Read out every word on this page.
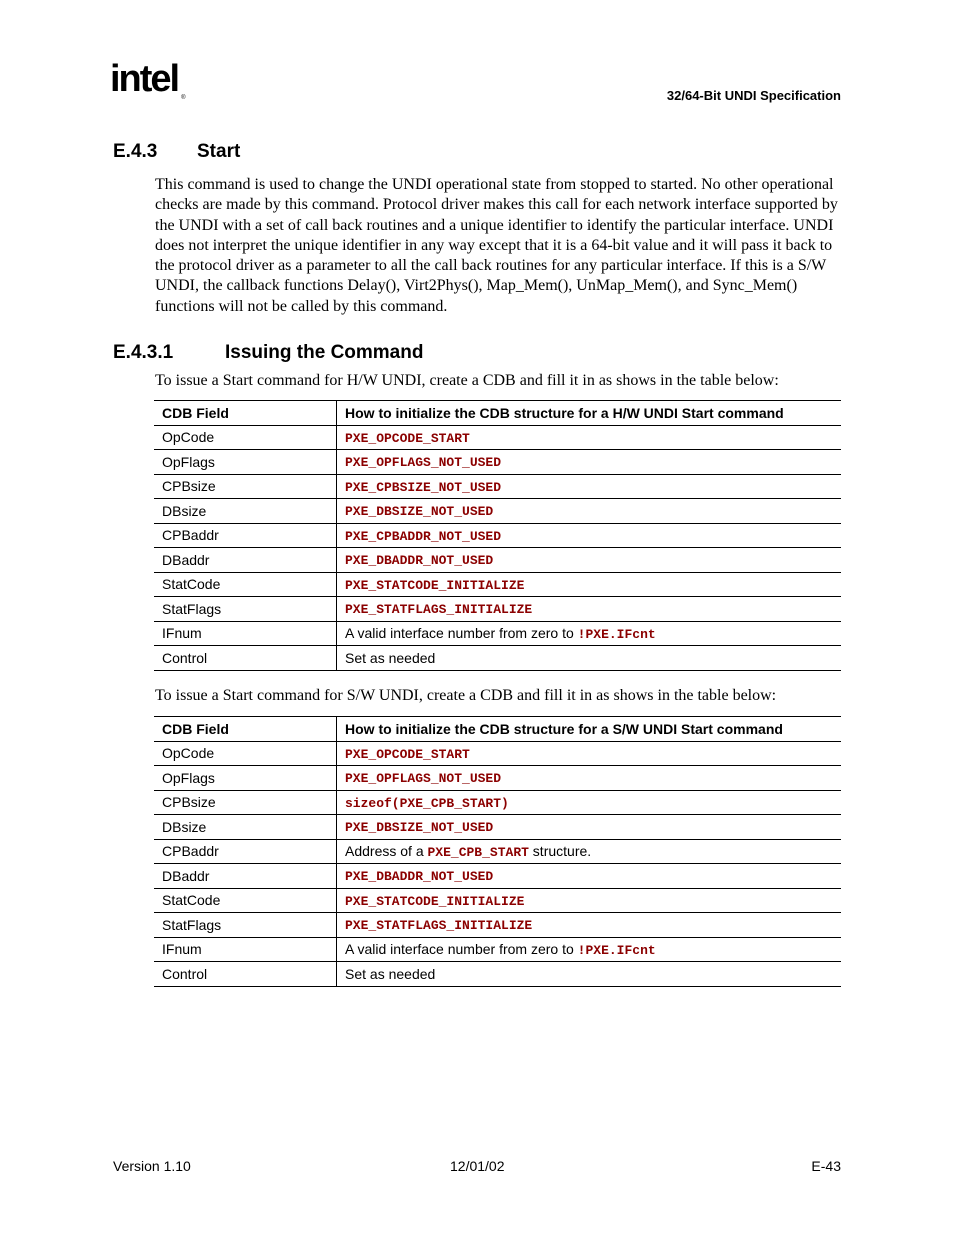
intel ®	32/64-Bit UNDI Specification
E.4.3 Start
This command is used to change the UNDI operational state from stopped to started. No other operational checks are made by this command. Protocol driver makes this call for each network interface supported by the UNDI with a set of call back routines and a unique identifier to identify the particular interface. UNDI does not interpret the unique identifier in any way except that it is a 64-bit value and it will pass it back to the protocol driver as a parameter to all the call back routines for any particular interface. If this is a S/W UNDI, the callback functions Delay(), Virt2Phys(), Map_Mem(), UnMap_Mem(), and Sync_Mem() functions will not be called by this command.
E.4.3.1	Issuing the Command
To issue a Start command for H/W UNDI, create a CDB and fill it in as shows in the table below:
CDB Field	How to initialize the CDB structure for a H/W UNDI Start command
OpCode	PXE_OPCODE_START
OpFlags	PXE_OPFLAGS_NOT_USED
CPBsize	PXE_CPBSIZE_NOT_USED
DBsize	PXE_DBSIZE_NOT_USED
CPBaddr	PXE_CPBADDR_NOT_USED
DBaddr	PXE_DBADDR_NOT_USED
StatCode	PXE_STATCODE_INITIALIZE
StatFlags	PXE_STATFLAGS_INITIALIZE
IFnum	A valid interface number from zero to !PXE.IFcnt
Control	Set as needed
To issue a Start command for S/W UNDI, create a CDB and fill it in as shows in the table below:
CDB Field	How to initialize the CDB structure for a S/W UNDI Start command
OpCode	PXE_OPCODE_START
OpFlags	PXE_OPFLAGS_NOT_USED
CPBsize	sizeof(PXE_CPB_START)
DBsize	PXE_DBSIZE_NOT_USED
CPBaddr	Address of a PXE_CPB_START structure.
DBaddr	PXE_DBADDR_NOT_USED
StatCode	PXE_STATCODE_INITIALIZE
StatFlags	PXE_STATFLAGS_INITIALIZE
IFnum	A valid interface number from zero to !PXE.IFcnt
Control	Set as needed
Version 1.10	12/01/02	E-43
